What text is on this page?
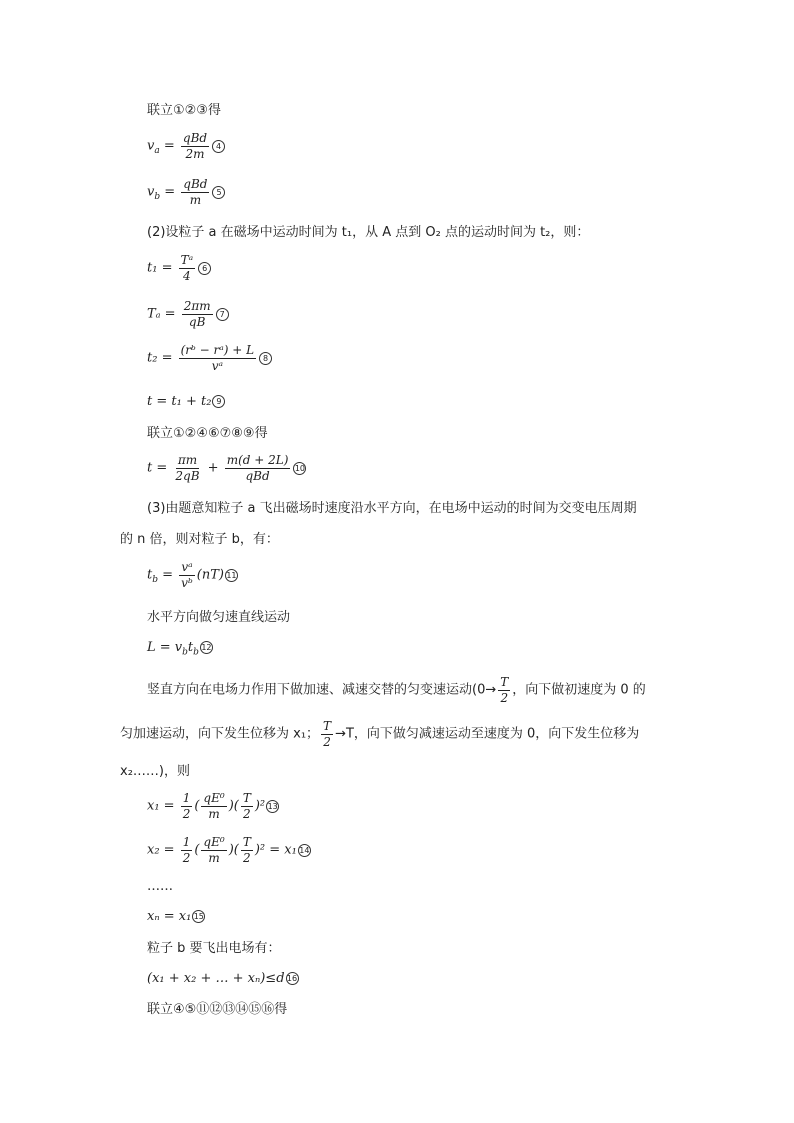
联立①②③得
$v_a = \frac{\text{qBd}}{2m} 4$
$v_b = \frac{\text{qBd}}{m} 5$
(2)设粒子 a 在磁场中运动时间为 t₁，从 A 点到 O₂ 点的运动时间为 t₂，则：
$t_1 = \frac{\text{Tᵃ}}{4} 6$
$T_a = \frac{2\pi m}{qB} 7$
$t_2 = \frac{\text{(rᵇ − rᵃ) + L}}{\text{vᵃ}} 8$
t = t₁ + t₂ 9
联立①②④⑥⑦⑧⑨得
$t = \frac{\pi m}{2qB} + \frac{m(d + 2L)}{\text{qBd}} 10$
(3)由题意知粒子 a 飞出磁场时速度沿水平方向，在电场中运动的时间为交变电压周期
的 n 倍，则对粒子 b，有：
$t_b = \frac{\text{vᵃ}}{\text{vᵇ}} (nT)$ 11
水平方向做匀速直线运动
$L = v_bt_b12$
竖直方向在电场力作用下做加速、减速交替的匀变速运动($0\to \frac{T}{2}$ ，向下做初速度为 0 的
匀加速运动，向下发生位移为 x₁； $\frac{T}{2} \to T$，向下做匀减速运动至速度为 0，向下发生位移为
x₂……)，则
$x_1 = \frac{1}{2}$ ( $\frac{\text{qE⁰}}{m}$ )( $\frac{T}{2} )^2$ 13
$x_2 = \frac{1}{2}$ ( $\frac{\text{qE⁰}}{m}$ )( $\frac{T}{2} )^2 = x_1$ 14
……
xₙ = x₁ 15
粒子 b 要飞出电场有：
(x₁ + x₂ + … + xₙ)≤d 16
联立④⑤⑪⑫⑬⑭⑮⑯得
